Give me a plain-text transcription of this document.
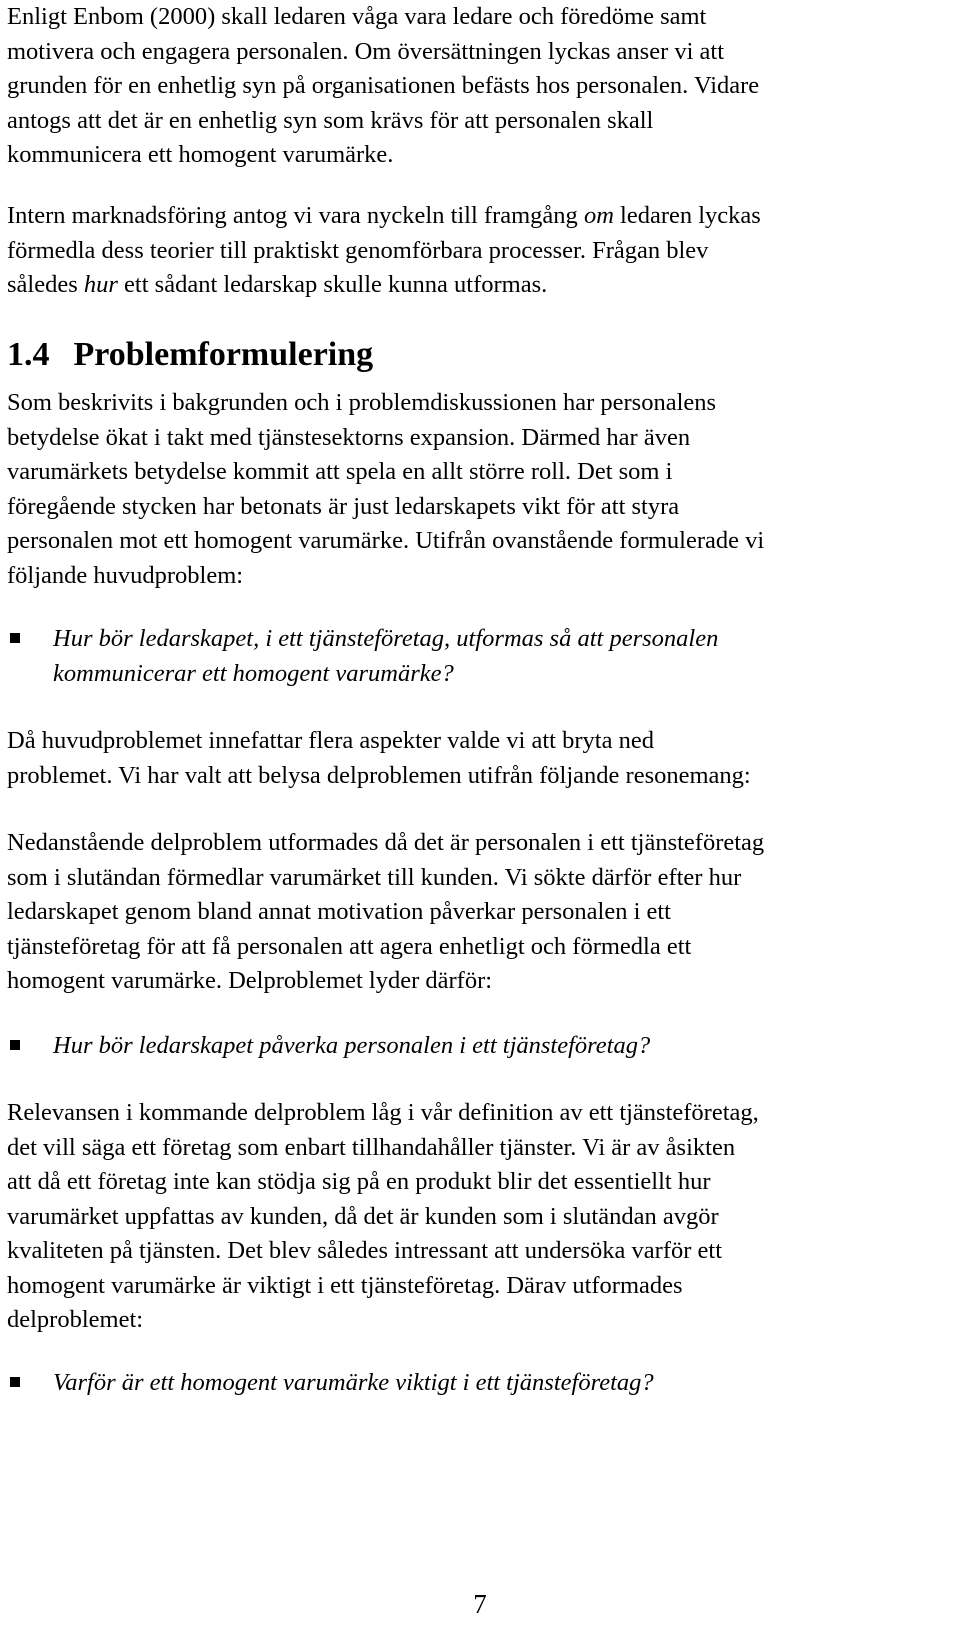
Enligt Enbom (2000) skall ledaren våga vara ledare och föredöme samt
motivera och engagera personalen. Om översättningen lyckas anser vi att
grunden för en enhetlig syn på organisationen befästs hos personalen. Vidare
antogs att det är en enhetlig syn som krävs för att personalen skall
kommunicera ett homogent varumärke.

Intern marknadsföring antog vi vara nyckeln till framgång om ledaren lyckas
förmedla dess teorier till praktiskt genomförbara processer. Frågan blev
således hur ett sådant ledarskap skulle kunna utformas.

1.4 Problemformulering

Som beskrivits i bakgrunden och i problemdiskussionen har personalens
betydelse ökat i takt med tjänstesektorns expansion. Därmed har även
varumärkets betydelse kommit att spela en allt större roll. Det som i
föregående stycken har betonats är just ledarskapets vikt för att styra
personalen mot ett homogent varumärke. Utifrån ovanstående formulerade vi
följande huvudproblem:

Hur bör ledarskapet, i ett tjänsteföretag, utformas så att personalen
kommunicerar ett homogent varumärke?

Då huvudproblemet innefattar flera aspekter valde vi att bryta ned
problemet. Vi har valt att belysa delproblemen utifrån följande resonemang:

Nedanstående delproblem utformades då det är personalen i ett tjänsteföretag
som i slutändan förmedlar varumärket till kunden. Vi sökte därför efter hur
ledarskapet genom bland annat motivation påverkar personalen i ett
tjänsteföretag för att få personalen att agera enhetligt och förmedla ett
homogent varumärke. Delproblemet lyder därför:

Hur bör ledarskapet påverka personalen i ett tjänsteföretag?

Relevansen i kommande delproblem låg i vår definition av ett tjänsteföretag,
det vill säga ett företag som enbart tillhandahåller tjänster. Vi är av åsikten
att då ett företag inte kan stödja sig på en produkt blir det essentiellt hur
varumärket uppfattas av kunden, då det är kunden som i slutändan avgör
kvaliteten på tjänsten. Det blev således intressant att undersöka varför ett
homogent varumärke är viktigt i ett tjänsteföretag. Därav utformades
delproblemet:

Varför är ett homogent varumärke viktigt i ett tjänsteföretag?

7
